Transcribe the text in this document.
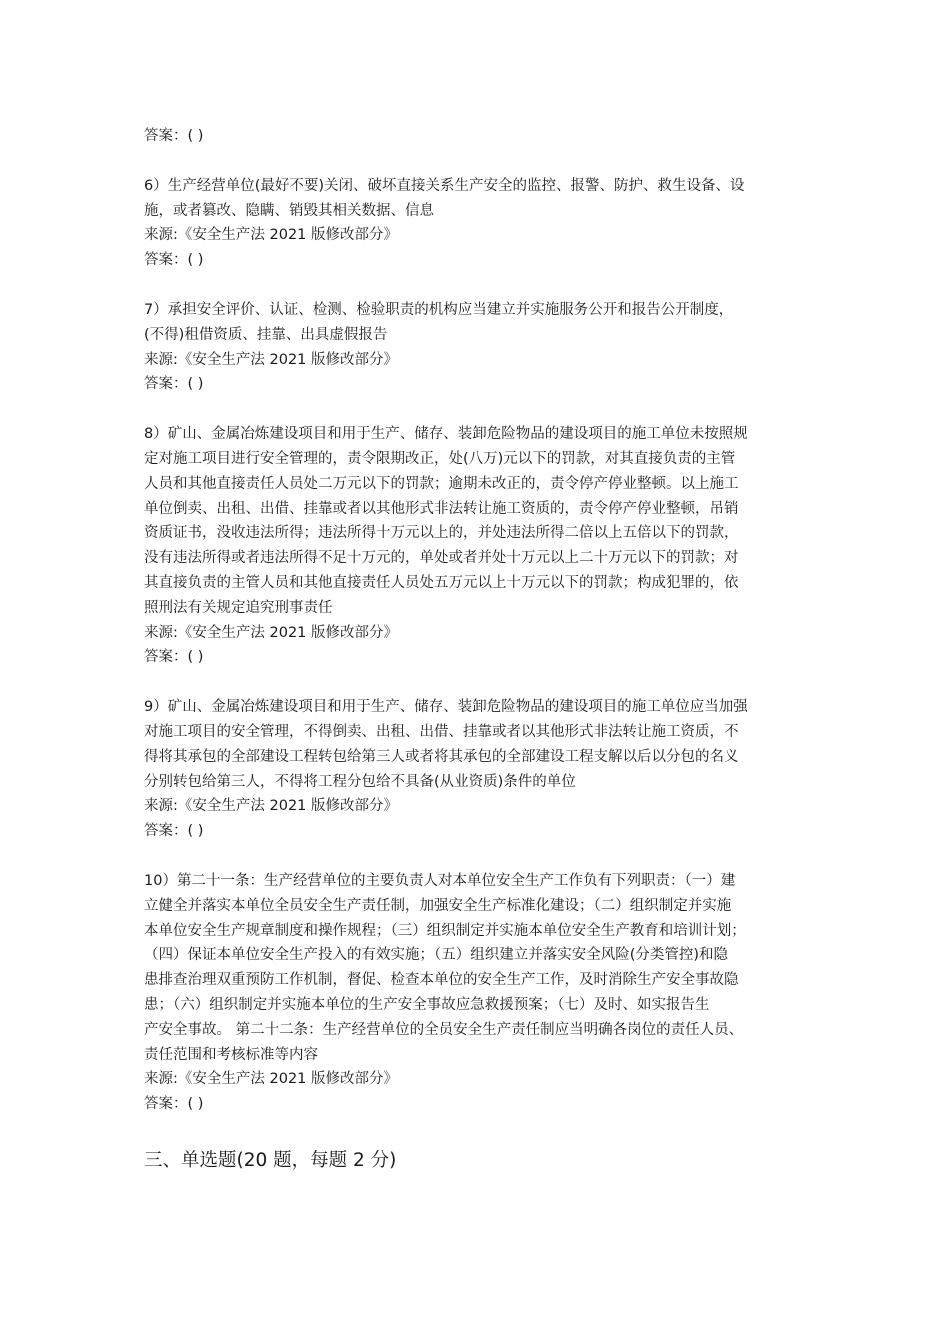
答案：( )

6）生产经营单位(最好不要)关闭、破坏直接关系生产安全的监控、报警、防护、救生设备、设

施，或者篡改、隐瞒、销毁其相关数据、信息

来源:《安全生产法 2021 版修改部分》

答案：( )

7）承担安全评价、认证、检测、检验职责的机构应当建立并实施服务公开和报告公开制度，

(不得)租借资质、挂靠、出具虚假报告

来源:《安全生产法 2021 版修改部分》

答案：( )

8）矿山、金属冶炼建设项目和用于生产、储存、装卸危险物品的建设项目的施工单位未按照规

定对施工项目进行安全管理的，责令限期改正，处(八万)元以下的罚款，对其直接负责的主管

人员和其他直接责任人员处二万元以下的罚款；逾期未改正的，责令停产停业整顿。以上施工

单位倒卖、出租、出借、挂靠或者以其他形式非法转让施工资质的，责令停产停业整顿，吊销

资质证书，没收违法所得；违法所得十万元以上的，并处违法所得二倍以上五倍以下的罚款，

没有违法所得或者违法所得不足十万元的，单处或者并处十万元以上二十万元以下的罚款；对

其直接负责的主管人员和其他直接责任人员处五万元以上十万元以下的罚款；构成犯罪的，依

照刑法有关规定追究刑事责任

来源:《安全生产法 2021 版修改部分》

答案：( )

9）矿山、金属冶炼建设项目和用于生产、储存、装卸危险物品的建设项目的施工单位应当加强

对施工项目的安全管理，不得倒卖、出租、出借、挂靠或者以其他形式非法转让施工资质，不

得将其承包的全部建设工程转包给第三人或者将其承包的全部建设工程支解以后以分包的名义

分别转包给第三人，不得将工程分包给不具备(从业资质)条件的单位

来源:《安全生产法 2021 版修改部分》

答案：( )

10）第二十一条：生产经营单位的主要负责人对本单位安全生产工作负有下列职责：（一）建

立健全并落实本单位全员安全生产责任制，加强安全生产标准化建设；（二）组织制定并实施

本单位安全生产规章制度和操作规程；（三）组织制定并实施本单位安全生产教育和培训计划；

（四）保证本单位安全生产投入的有效实施；（五）组织建立并落实安全风险(分类管控)和隐

患排查治理双重预防工作机制，督促、检查本单位的安全生产工作，及时消除生产安全事故隐

患；（六）组织制定并实施本单位的生产安全事故应急救援预案；（七）及时、如实报告生

产安全事故。 第二十二条：生产经营单位的全员安全生产责任制应当明确各岗位的责任人员、

责任范围和考核标准等内容

来源:《安全生产法 2021 版修改部分》

答案：( )

三、单选题(20 题，每题 2 分)
